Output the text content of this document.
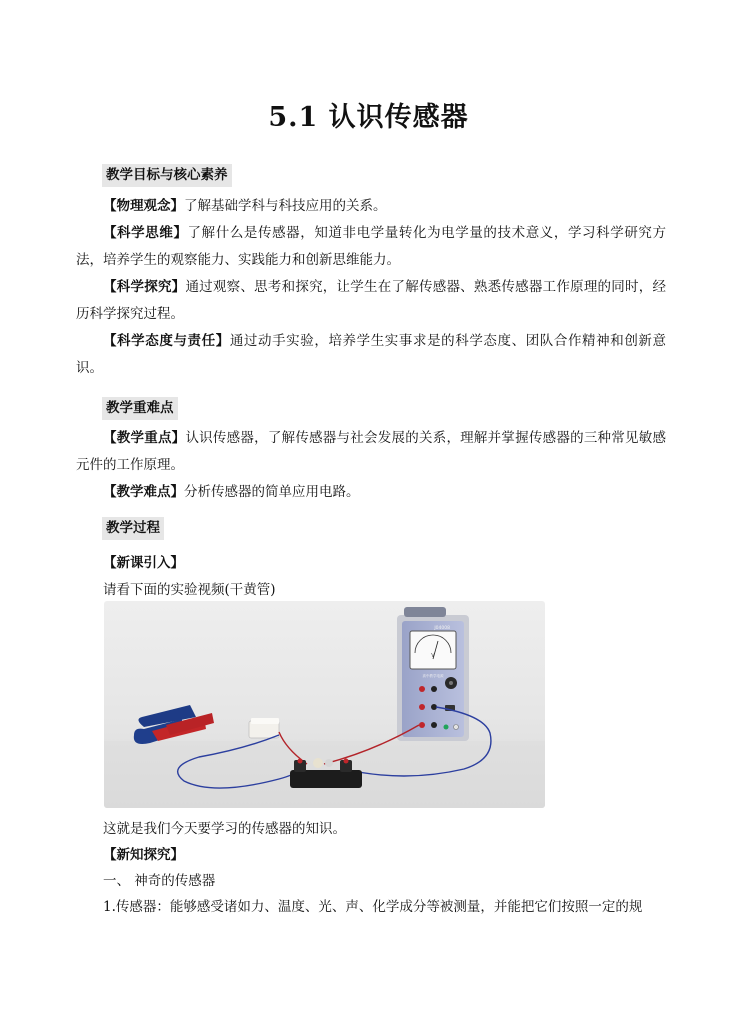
5.1 认识传感器
教学目标与核心素养

【物理观念】了解基础学科与科技应用的关系。

【科学思维】了解什么是传感器，知道非电学量转化为电学量的技术意义，学习科学研究方法，培养学生的观察能力、实践能力和创新思维能力。

【科学探究】通过观察、思考和探究，让学生在了解传感器、熟悉传感器工作原理的同时，经历科学探究过程。

【科学态度与责任】通过动手实验，培养学生实事求是的科学态度、团队合作精神和创新意识。

教学重难点

【教学重点】认识传感器，了解传感器与社会发展的关系，理解并掌握传感器的三种常见敏感元件的工作原理。

【教学难点】分析传感器的简单应用电路。

教学过程
【新课引入】
请看下面的实验视频(干黄管)
V
J04008
高中教学电源
这就是我们今天要学习的传感器的知识。
【新知探究】
一、 神奇的传感器
1.传感器：能够感受诸如力、温度、光、声、化学成分等被测量，并能把它们按照一定的规
